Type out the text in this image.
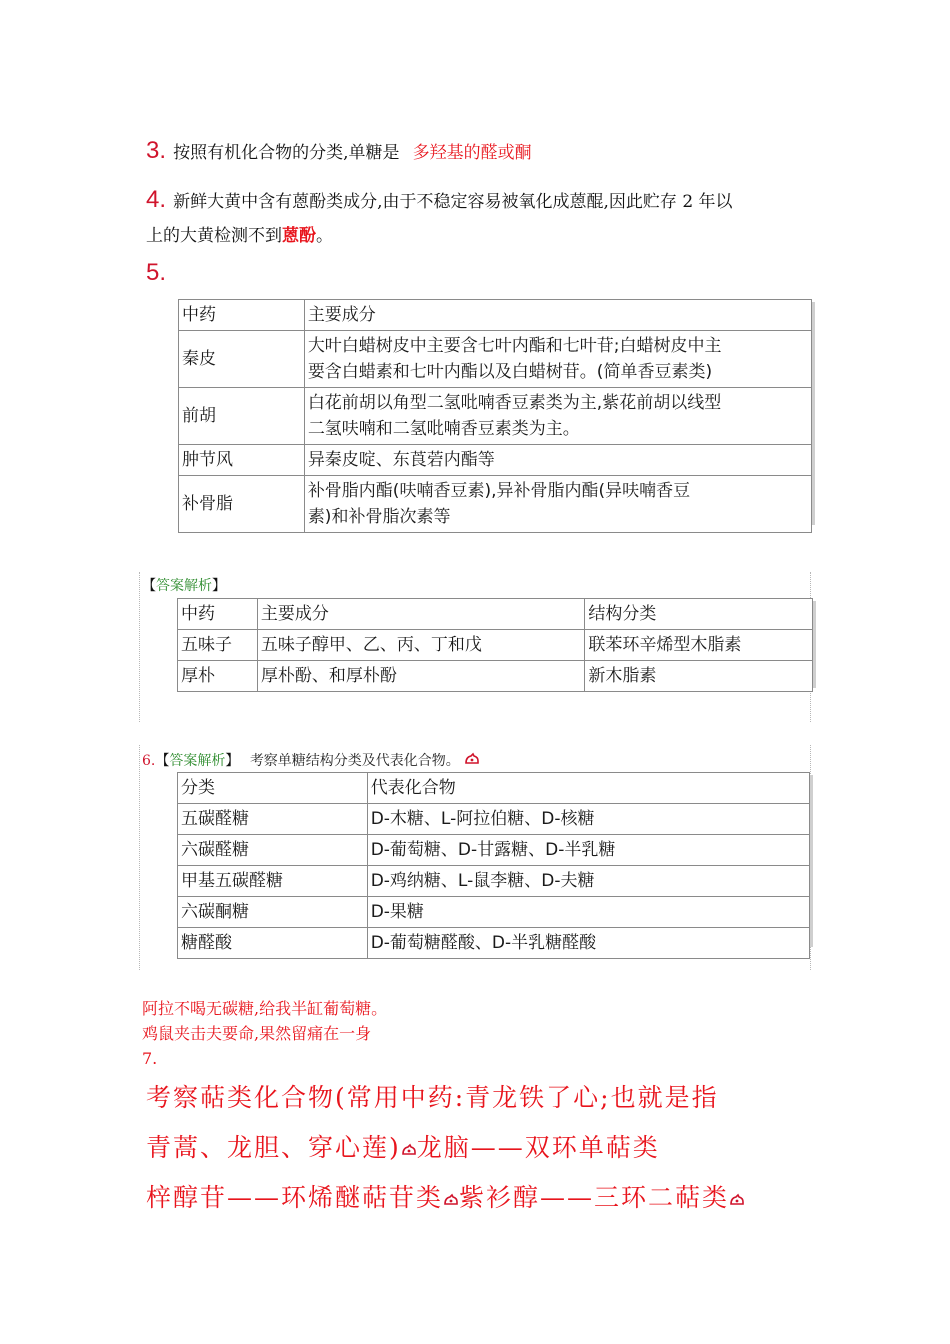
3. 按照有机化合物的分类,单糖是 多羟基的醛或酮
4. 新鲜大黄中含有蒽酚类成分,由于不稳定容易被氧化成蒽醌,因此贮存 2 年以
上的大黄检测不到蒽酚。
5.
中药	主要成分
秦皮	大叶白蜡树皮中主要含七叶内酯和七叶苷;白蜡树皮中主
要含白蜡素和七叶内酯以及白蜡树苷。(简单香豆素类)

前胡	白花前胡以角型二氢吡喃香豆素类为主,紫花前胡以线型
二氢呋喃和二氢吡喃香豆素类为主。

肿节风	异秦皮啶、东莨菪内酯等
补骨脂	补骨脂内酯(呋喃香豆素),异补骨脂内酯(异呋喃香豆
素)和补骨脂次素等
【答案解析】
中药	主要成分	结构分类
五味子	五味子醇甲、乙、丙、丁和戊	联苯环辛烯型木脂素
厚朴	厚朴酚、和厚朴酚	新木脂素
6.【答案解析】 考察单糖结构分类及代表化合物。
分类	代表化合物
五碳醛糖	D-木糖、L-阿拉伯糖、D-核糖
六碳醛糖	D-葡萄糖、D-甘露糖、D-半乳糖
甲基五碳醛糖	D-鸡纳糖、L-鼠李糖、D-夫糖
六碳酮糖	D-果糖
糖醛酸	D-葡萄糖醛酸、D-半乳糖醛酸
阿拉不喝无碳糖,给我半缸葡萄糖。
鸡鼠夹击夫要命,果然留痛在一身
7.
考察萜类化合物(常用中药:青龙铁了心;也就是指
青蒿、龙胆、穿心莲) 龙脑——双环单萜类
梓醇苷——环烯醚萜苷类 紫衫醇——三环二萜类
